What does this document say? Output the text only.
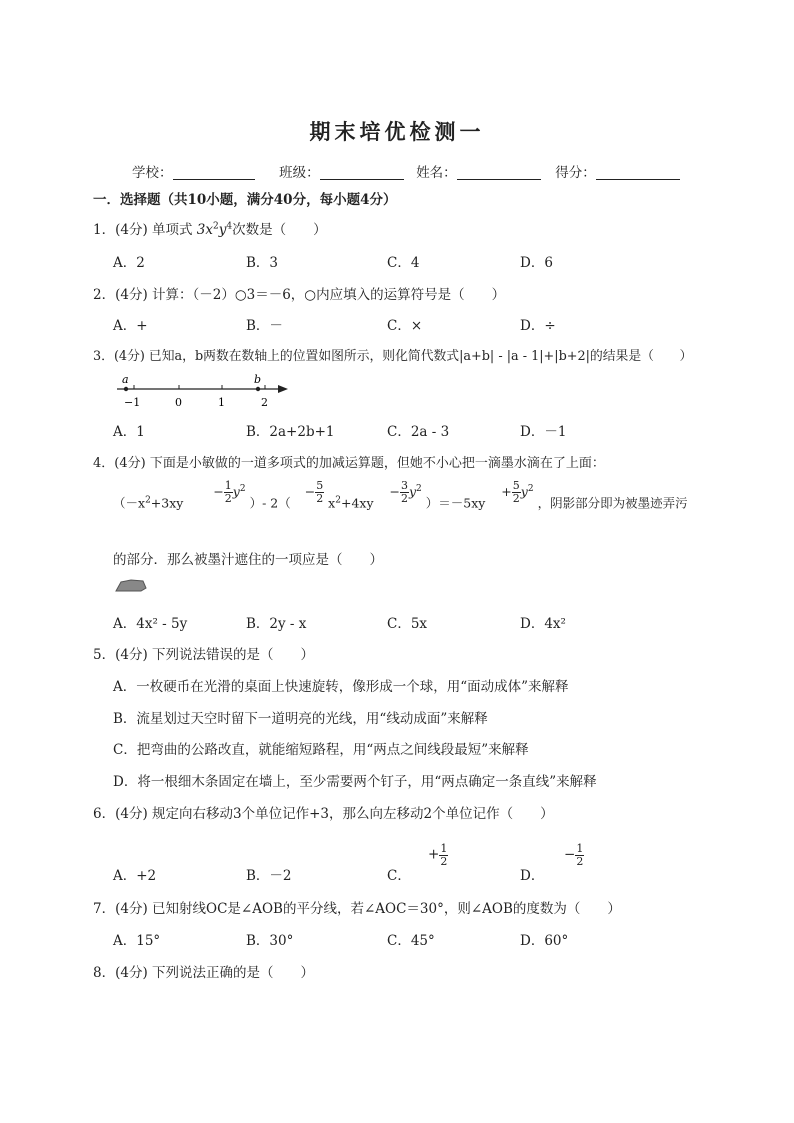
期末培优检测一
学校：	班级：	姓名：	得分：
一．选择题（共10小题，满分40分，每小题4分）
1．(4分) 单项式 $3x^2y^4$次数是（　　）
A．2	B．3	C．4	D．6
2．(4分) 计算：（－2）○3＝－6，○内应填入的运算符号是（　　）
A．+	B．－	C．×	D．÷
3．(4分) 已知a，b两数在数轴上的位置如图所示，则化简代数式|a+b| - |a - 1|+|b+2|的结果是（　　）
a	b
−1	0	1	2
A．1	B．2a+2b+1	C．2a - 3	D．－1
4．(4分) 下面是小敏做的一道多项式的加减运算题，但她不小心把一滴墨水滴在了上面：
（$-x^2+3xy - \frac{1}{2} y^2$ ）- $2( - \frac{5}{2} x^2+4xy - \frac{3}{2} y^2$ ）$=-5xy + \frac{5}{2} y^2$ ，阴影部分即为被墨迹弄污
的部分．那么被墨汁遮住的一项应是（　　）
A．4x² - 5y	B．2y - x	C．5x	D．4x²
5．(4分) 下列说法错误的是（　　）
A．一枚硬币在光滑的桌面上快速旋转，像形成一个球，用“面动成体”来解释
B．流星划过天空时留下一道明亮的光线，用“线动成面”来解释
C．把弯曲的公路改直，就能缩短路程，用“两点之间线段最短”来解释
D．将一根细木条固定在墙上，至少需要两个钉子，用“两点确定一条直线”来解释
6．(4分) 规定向右移动3个单位记作+3，那么向左移动2个单位记作（　　）
A．+2	B．－2	C．
+ $\frac{1}{2}$
D．
− $\frac{1}{2}$
7．(4分) 已知射线OC是∠AOB的平分线，若∠AOC＝30°，则∠AOB的度数为（　　）
A．15°	B．30°	C．45°	D．60°
8．(4分) 下列说法正确的是（　　）
